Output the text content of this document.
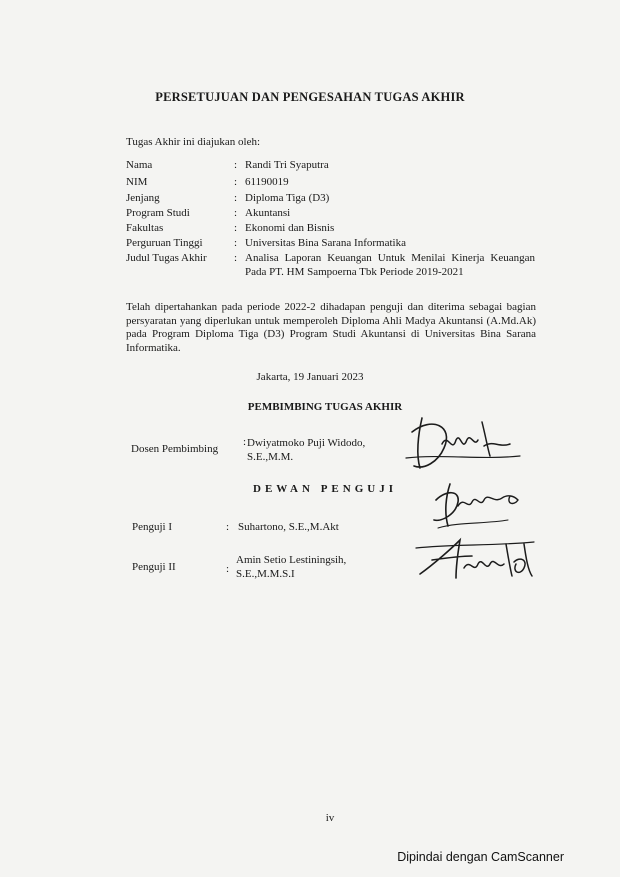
PERSETUJUAN DAN PENGESAHAN TUGAS AKHIR
Tugas Akhir ini diajukan oleh:
Nama	: Randi Tri Syaputra
NIM	: 61190019
Jenjang	: Diploma Tiga (D3)
Program Studi	: Akuntansi
Fakultas	: Ekonomi dan Bisnis
Perguruan Tinggi	: Universitas Bina Sarana Informatika
Judul Tugas Akhir : Analisa Laporan Keuangan Untuk Menilai Kinerja Keuangan Pada PT. HM Sampoerna Tbk Periode 2019-2021
Telah dipertahankan pada periode 2022-2 dihadapan penguji dan diterima sebagai bagian persyaratan yang diperlukan untuk memperoleh Diploma Ahli Madya Akuntansi (A.Md.Ak) pada Program Diploma Tiga (D3) Program Studi Akuntansi di Universitas Bina Sarana Informatika.
Jakarta, 19 Januari 2023
PEMBIMBING TUGAS AKHIR
Dosen Pembimbing
: Dwiyatmoko Puji Widodo,
S.E.,M.M.
DEWAN PENGUJI
Penguji I	: Suhartono, S.E.,M.Akt
Penguji II	:
Amin Setio Lestiningsih,
S.E.,M.M.S.I
iv
Dipindai dengan CamScanner
